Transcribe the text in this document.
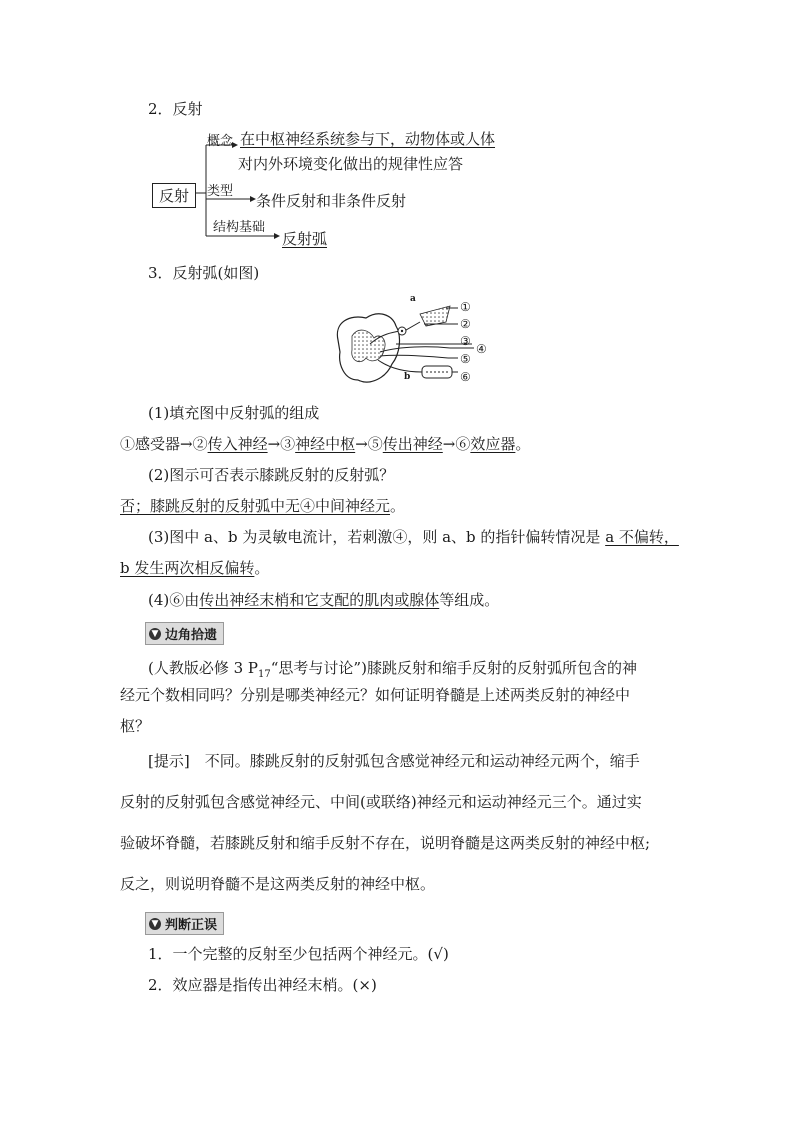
2．反射
反射
概念 在中枢神经系统参与下，动物体或人体
对内外环境变化做出的规律性应答
类型
条件反射和非条件反射
结构基础
反射弧
3．反射弧(如图)
a
b
①
②
③
④
⑤
⑥
(1)填充图中反射弧的组成
①感受器→②传入神经→③神经中枢→⑤传出神经→⑥效应器。
(2)图示可否表示膝跳反射的反射弧？
否；膝跳反射的反射弧中无④中间神经元。
(3)图中 a、b 为灵敏电流计，若刺激④，则 a、b 的指针偏转情况是 a 不偏转，
b 发生两次相反偏转。
(4)⑥由传出神经末梢和它支配的肌肉或腺体等组成。
▼ 边角拾遗
(人教版必修 3 $P_{17}“$思考与讨论”)膝跳反射和缩手反射的反射弧所包含的神
经元个数相同吗？分别是哪类神经元？如何证明脊髓是上述两类反射的神经中
枢？
[提示]　不同。膝跳反射的反射弧包含感觉神经元和运动神经元两个，缩手
反射的反射弧包含感觉神经元、中间(或联络)神经元和运动神经元三个。通过实
验破坏脊髓，若膝跳反射和缩手反射不存在，说明脊髓是这两类反射的神经中枢;
反之，则说明脊髓不是这两类反射的神经中枢。
▼ 判断正误
1．一个完整的反射至少包括两个神经元。(√)
2．效应器是指传出神经末梢。(×)
